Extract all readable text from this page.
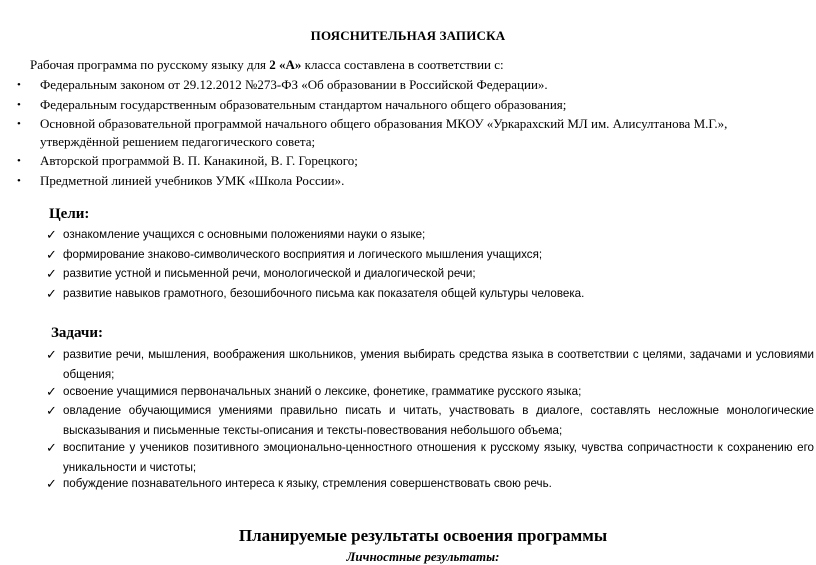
ПОЯСНИТЕЛЬНАЯ ЗАПИСКА
Рабочая программа по русскому языку для 2 «А» класса составлена в соответствии с:
• Федеральным законом от 29.12.2012 №273-ФЗ «Об образовании в Российской Федерации».
• Федеральным государственным образовательным стандартом начального общего образования;
• Основной образовательной программой начального общего образования МКОУ «Уркарахский МЛ им. Алисултанова М.Г.», утверждённой решением педагогического совета;
• Авторской программой В. П. Канакиной, В. Г. Горецкого;
• Предметной линией учебников УМК «Школа России».
Цели:
✓ ознакомление учащихся с основными положениями науки о языке;
✓ формирование знаково-символического восприятия и логического мышления учащихся;
✓ развитие устной и письменной речи, монологической и диалогической речи;
✓ развитие навыков грамотного, безошибочного письма как показателя общей культуры человека.
Задачи:
✓ развитие речи, мышления, воображения школьников, умения выбирать средства языка в соответствии с целями, задачами и условиями общения;
✓ освоение учащимися первоначальных знаний о лексике, фонетике, грамматике русского языка;
✓ овладение обучающимися умениями правильно писать и читать, участвовать в диалоге, составлять несложные монологические высказывания и письменные тексты-описания и тексты-повествования небольшого объема;
✓ воспитание у учеников позитивного эмоционально-ценностного отношения к русскому языку, чувства сопричастности к сохранению его уникальности и чистоты;
✓ побуждение познавательного интереса к языку, стремления совершенствовать свою речь.
Планируемые результаты освоения программы
Личностные результаты:
